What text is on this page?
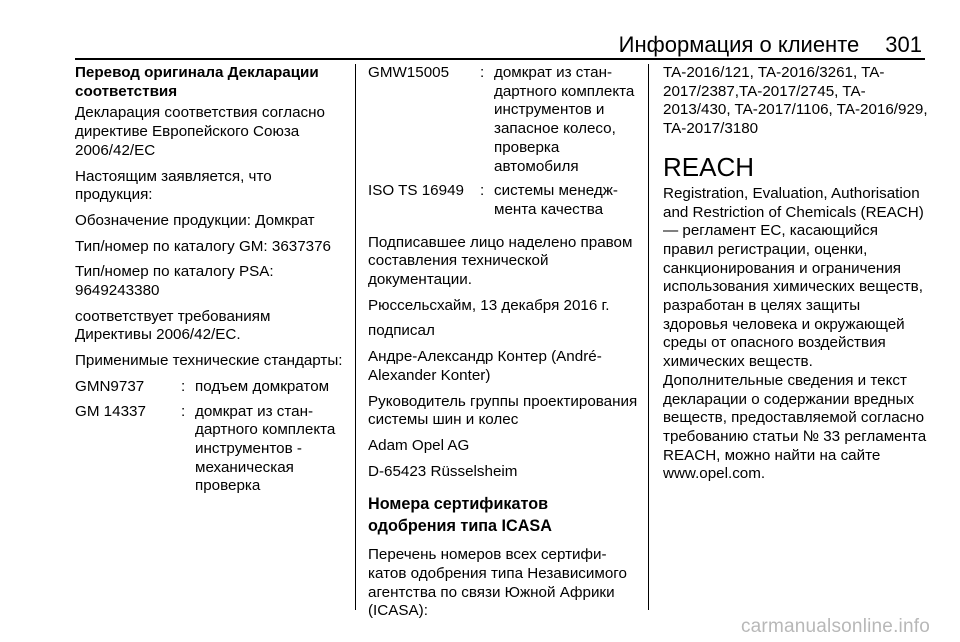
Информация о клиенте 301

Перевод оригинала Декларации соответствия

Декларация соответствия согласно директиве Европейского Союза 2006/42/EC

Настоящим заявляется, что продукция:

Обозначение продукции: Домкрат

Тип/номер по каталогу GM: 3637376

Тип/номер по каталогу PSA: 9649243380

соответствует требованиям Директивы 2006/42/EC.

Применимые технические стандарты:

GMN9737	: подъем домкратом
GM 14337	: домкрат из стандартного комплекта инструментов - механическая проверка
GMW15005	: домкрат из стандартного комплекта инструментов и запасное колесо, проверка автомобиля
ISO TS 16949	: системы менеджмента качества

Подписавшее лицо наделено правом составления технической документации.

Рюссельсхайм, 13 декабря 2016 г.

подписал

Андре-Александр Контер (André-Alexander Konter)

Руководитель группы проектирования системы шин и колес

Adam Opel AG

D-65423 Rüsselsheim

Номера сертификатов одобрения типа ICASA

Перечень номеров всех сертификатов одобрения типа Независимого агентства по связи Южной Африки (ICASA):

TA-2016/121, TA-2016/3261, TA-2017/2387,TA-2017/2745, TA-2013/430, TA-2017/1106, TA-2016/929, TA-2017/3180

REACH

Registration, Evaluation, Authorisation and Restriction of Chemicals (REACH) — регламент ЕС, касающийся правил регистрации, оценки, санкционирования и ограничения использования химических веществ, разработан в целях защиты здоровья человека и окружающей среды от опасного воздействия химических веществ. Дополнительные сведения и текст декларации о содержании вредных веществ, предоставляемой согласно требованию статьи № 33 регламента REACH, можно найти на сайте www.opel.com.

carmanualsonline.info
